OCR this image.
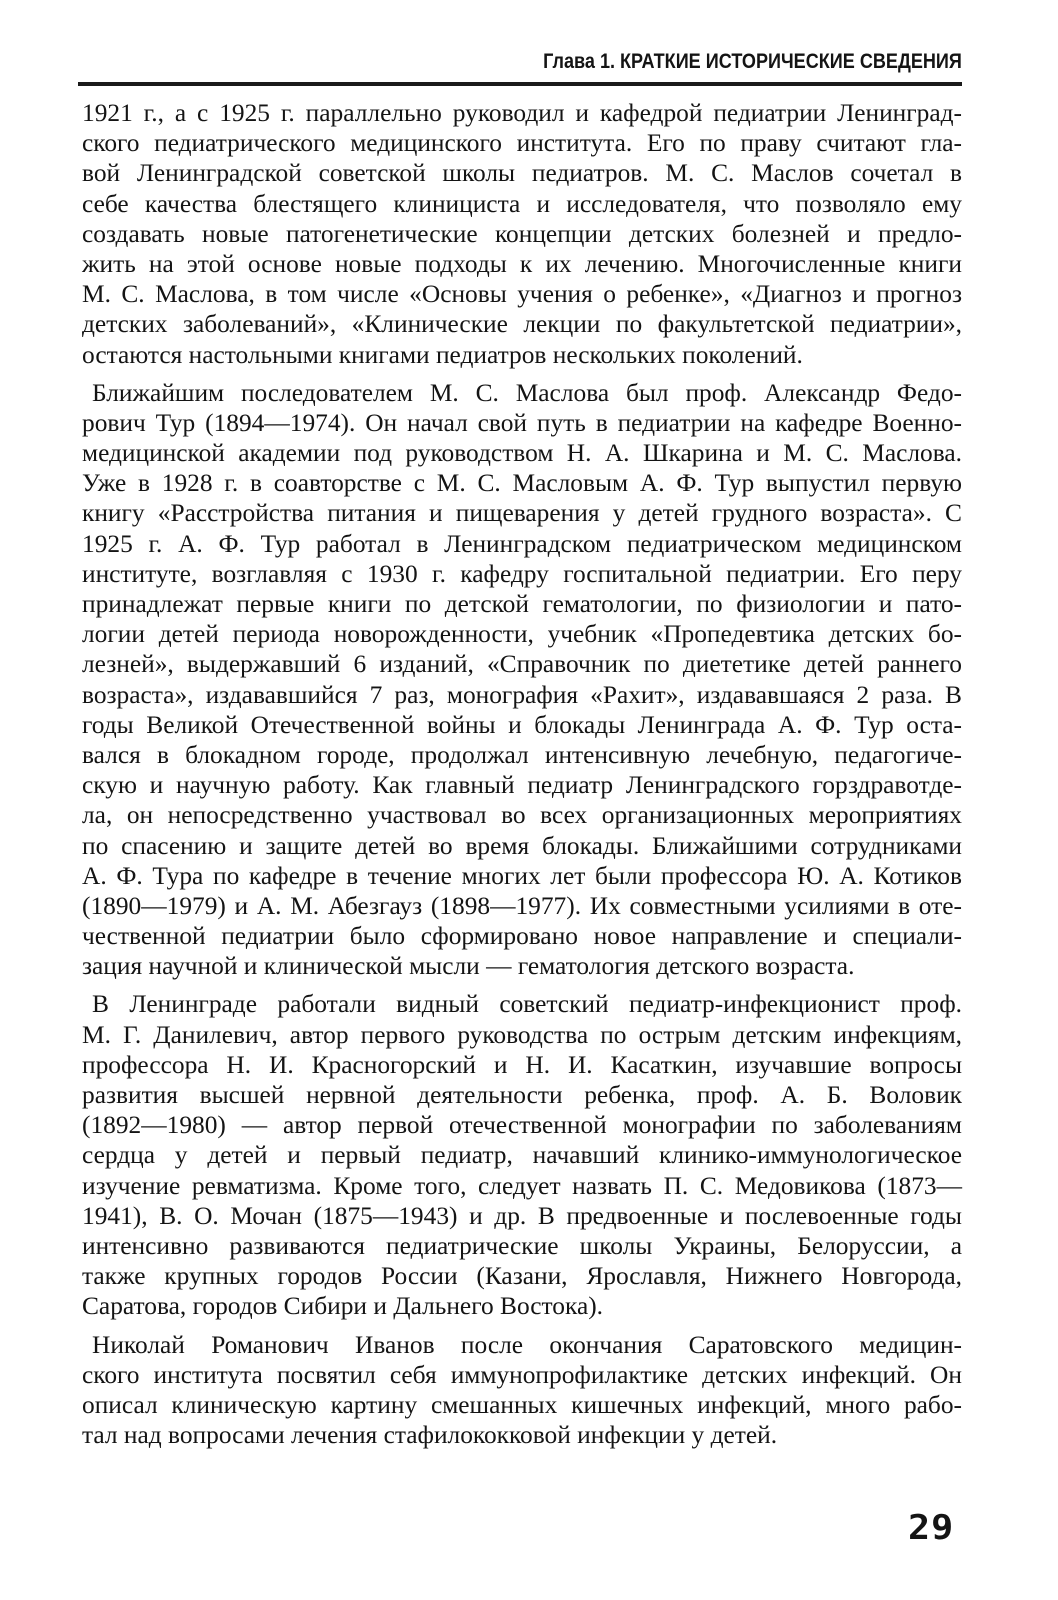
Глава 1. КРАТКИЕ ИСТОРИЧЕСКИЕ СВЕДЕНИЯ

1921 г., а с 1925 г. параллельно руководил и кафедрой педиатрии Ленинград-
ского педиатрического медицинского института. Его по праву считают гла-
вой Ленинградской советской школы педиатров. М. С. Маслов сочетал в
себе качества блестящего клинициста и исследователя, что позволяло ему
создавать новые патогенетические концепции детских болезней и предло-
жить на этой основе новые подходы к их лечению. Многочисленные книги
М. С. Маслова, в том числе «Основы учения о ребенке», «Диагноз и прогноз
детских заболеваний», «Клинические лекции по факультетской педиатрии»,
остаются настольными книгами педиатров нескольких поколений.

Ближайшим последователем М. С. Маслова был проф. Александр Федо-
рович Тур (1894—1974). Он начал свой путь в педиатрии на кафедре Военно-
медицинской академии под руководством Н. А. Шкарина и М. С. Маслова.
Уже в 1928 г. в соавторстве с М. С. Масловым А. Ф. Тур выпустил первую
книгу «Расстройства питания и пищеварения у детей грудного возраста». С
1925 г. А. Ф. Тур работал в Ленинградском педиатрическом медицинском
институте, возглавляя с 1930 г. кафедру госпитальной педиатрии. Его перу
принадлежат первые книги по детской гематологии, по физиологии и пато-
логии детей периода новорожденности, учебник «Пропедевтика детских бо-
лезней», выдержавший 6 изданий, «Справочник по диететике детей раннего
возраста», издававшийся 7 раз, монография «Рахит», издававшаяся 2 раза. В
годы Великой Отечественной войны и блокады Ленинграда А. Ф. Тур оста-
вался в блокадном городе, продолжал интенсивную лечебную, педагогиче-
скую и научную работу. Как главный педиатр Ленинградского горздравотде-
ла, он непосредственно участвовал во всех организационных мероприятиях
по спасению и защите детей во время блокады. Ближайшими сотрудниками
А. Ф. Тура по кафедре в течение многих лет были профессора Ю. А. Котиков
(1890—1979) и А. М. Абезгауз (1898—1977). Их совместными усилиями в оте-
чественной педиатрии было сформировано новое направление и специали-
зация научной и клинической мысли — гематология детского возраста.

В Ленинграде работали видный советский педиатр-инфекционист проф.
М. Г. Данилевич, автор первого руководства по острым детским инфекциям,
профессора Н. И. Красногорский и Н. И. Касаткин, изучавшие вопросы
развития высшей нервной деятельности ребенка, проф. А. Б. Воловик
(1892—1980) — автор первой отечественной монографии по заболеваниям
сердца у детей и первый педиатр, начавший клинико-иммунологическое
изучение ревматизма. Кроме того, следует назвать П. С. Медовикова (1873—
1941), В. О. Мочан (1875—1943) и др. В предвоенные и послевоенные годы
интенсивно развиваются педиатрические школы Украины, Белоруссии, а
также крупных городов России (Казани, Ярославля, Нижнего Новгорода,
Саратова, городов Сибири и Дальнего Востока).

Николай Романович Иванов после окончания Саратовского медицин-
ского института посвятил себя иммунопрофилактике детских инфекций. Он
описал клиническую картину смешанных кишечных инфекций, много рабо-
тал над вопросами лечения стафилококковой инфекции у детей.

29
